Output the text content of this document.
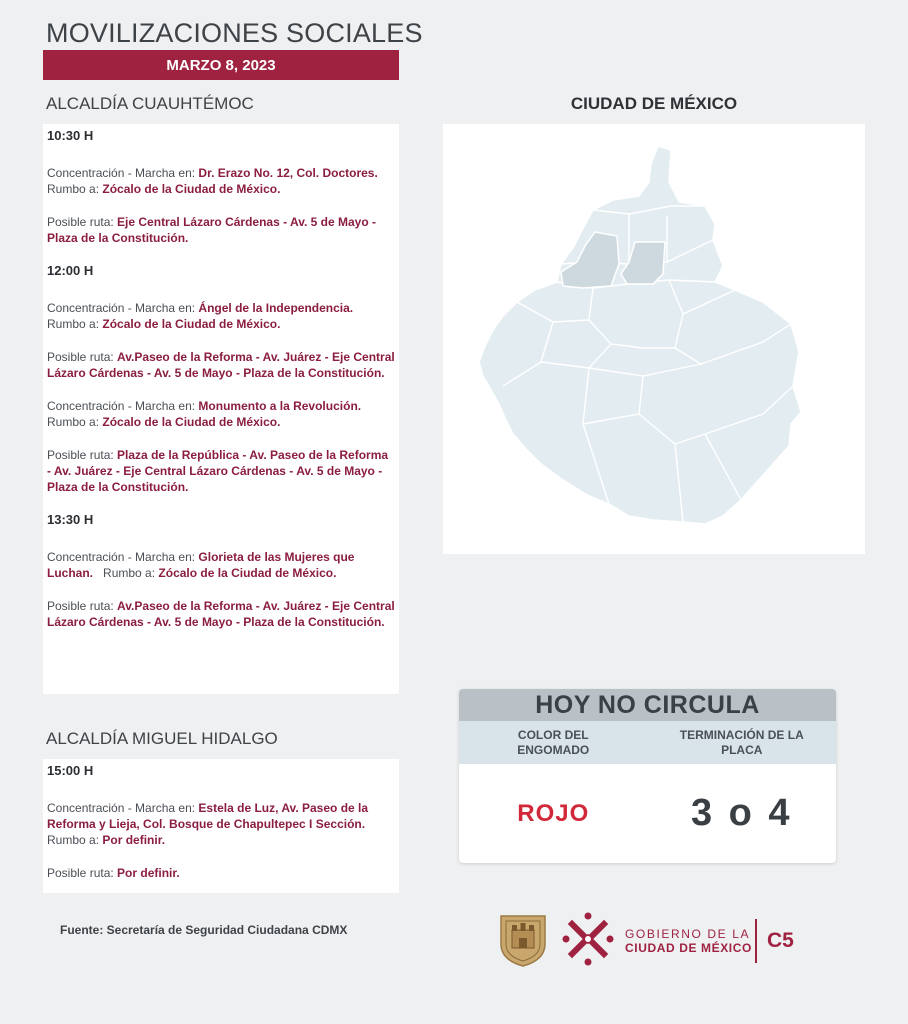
MOVILIZACIONES SOCIALES
MARZO 8, 2023
ALCALDÍA CUAUHTÉMOC
10:30 H
Concentración - Marcha en: Dr. Erazo No. 12, Col. Doctores.   Rumbo a: Zócalo de la Ciudad de México.
Posible ruta: Eje Central Lázaro Cárdenas - Av. 5 de Mayo - Plaza de la Constitución.
12:00 H
Concentración - Marcha en: Ángel de la Independencia. Rumbo a: Zócalo de la Ciudad de México.
Posible ruta: Av.Paseo de la Reforma - Av. Juárez - Eje Central Lázaro Cárdenas - Av. 5 de Mayo - Plaza de la Constitución.
Concentración - Marcha en: Monumento a la Revolución. Rumbo a: Zócalo de la Ciudad de México.
Posible ruta: Plaza de la República - Av. Paseo de la Reforma - Av. Juárez - Eje Central Lázaro Cárdenas - Av. 5 de Mayo - Plaza de la Constitución.
13:30 H
Concentración - Marcha en: Glorieta de las Mujeres que Luchan. Rumbo a: Zócalo de la Ciudad de México.
Posible ruta: Av.Paseo de la Reforma - Av. Juárez - Eje Central Lázaro Cárdenas - Av. 5 de Mayo - Plaza de la Constitución.
ALCALDÍA MIGUEL HIDALGO
15:00 H
Concentración - Marcha en: Estela de Luz, Av. Paseo de la Reforma y Lieja, Col. Bosque de Chapultepec I Sección. Rumbo a: Por definir.
Posible ruta: Por definir.
CIUDAD DE MÉXICO
HOY NO CIRCULA
COLOR DEL ENGOMADO
TERMINACIÓN DE LA PLACA
ROJO	3 o 4
Fuente: Secretaría de Seguridad Ciudadana CDMX	GOBIERNO DE LA
CIUDAD DE MÉXICO C5
